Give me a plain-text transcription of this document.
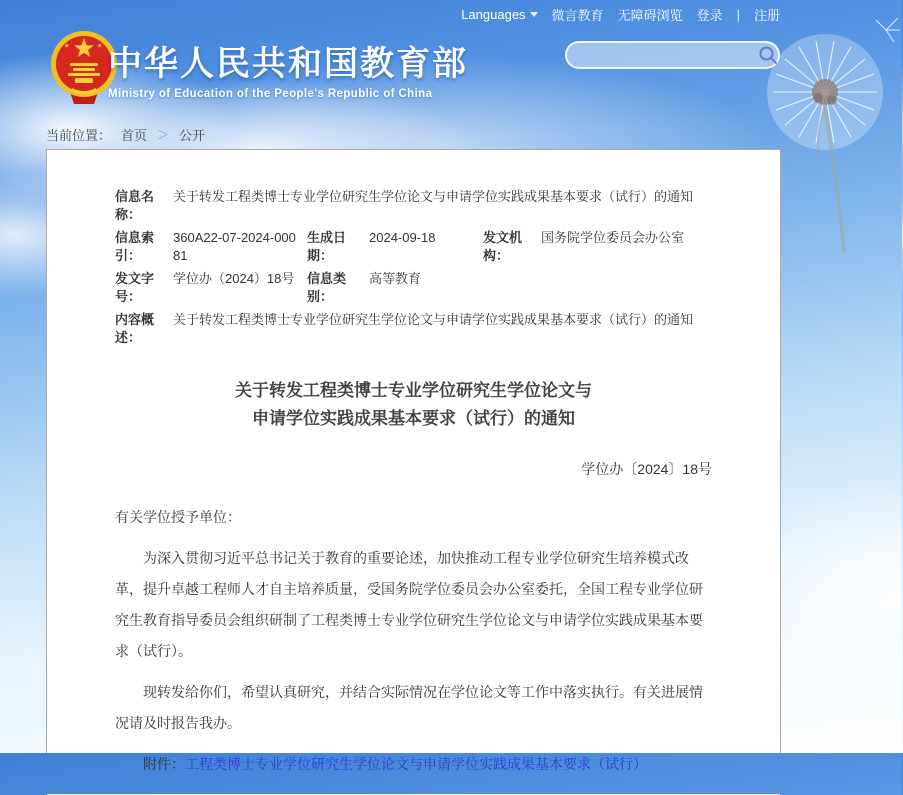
Languages 微言教育 无障碍浏览 登录 | 注册
中华人民共和国教育部
Ministry of Education of the People's Republic of China
当前位置： 首页 ＞ 公开
信息名称：
关于转发工程类博士专业学位研究生学位论文与申请学位实践成果基本要求（试行）的通知
信息索引：
360A22-07-2024-00081
生成日期：
2024-09-18	发文机构：
国务院学位委员会办公室
发文字号：
学位办（2024）18号 信息类别：
高等教育
内容概述：
关于转发工程类博士专业学位研究生学位论文与申请学位实践成果基本要求（试行）的通知
关于转发工程类博士专业学位研究生学位论文与
申请学位实践成果基本要求（试行）的通知
学位办〔2024〕18号
有关学位授予单位：

为深入贯彻习近平总书记关于教育的重要论述，加快推动工程专业学位研究生培养模式改革，提升卓越工程师人才自主培养质量，受国务院学位委员会办公室委托，全国工程专业学位研究生教育指导委员会组织研制了工程类博士专业学位研究生学位论文与申请学位实践成果基本要求（试行）。

现转发给你们，希望认真研究，并结合实际情况在学位论文等工作中落实执行。有关进展情况请及时报告我办。

附件：工程类博士专业学位研究生学位论文与申请学位实践成果基本要求（试行）
